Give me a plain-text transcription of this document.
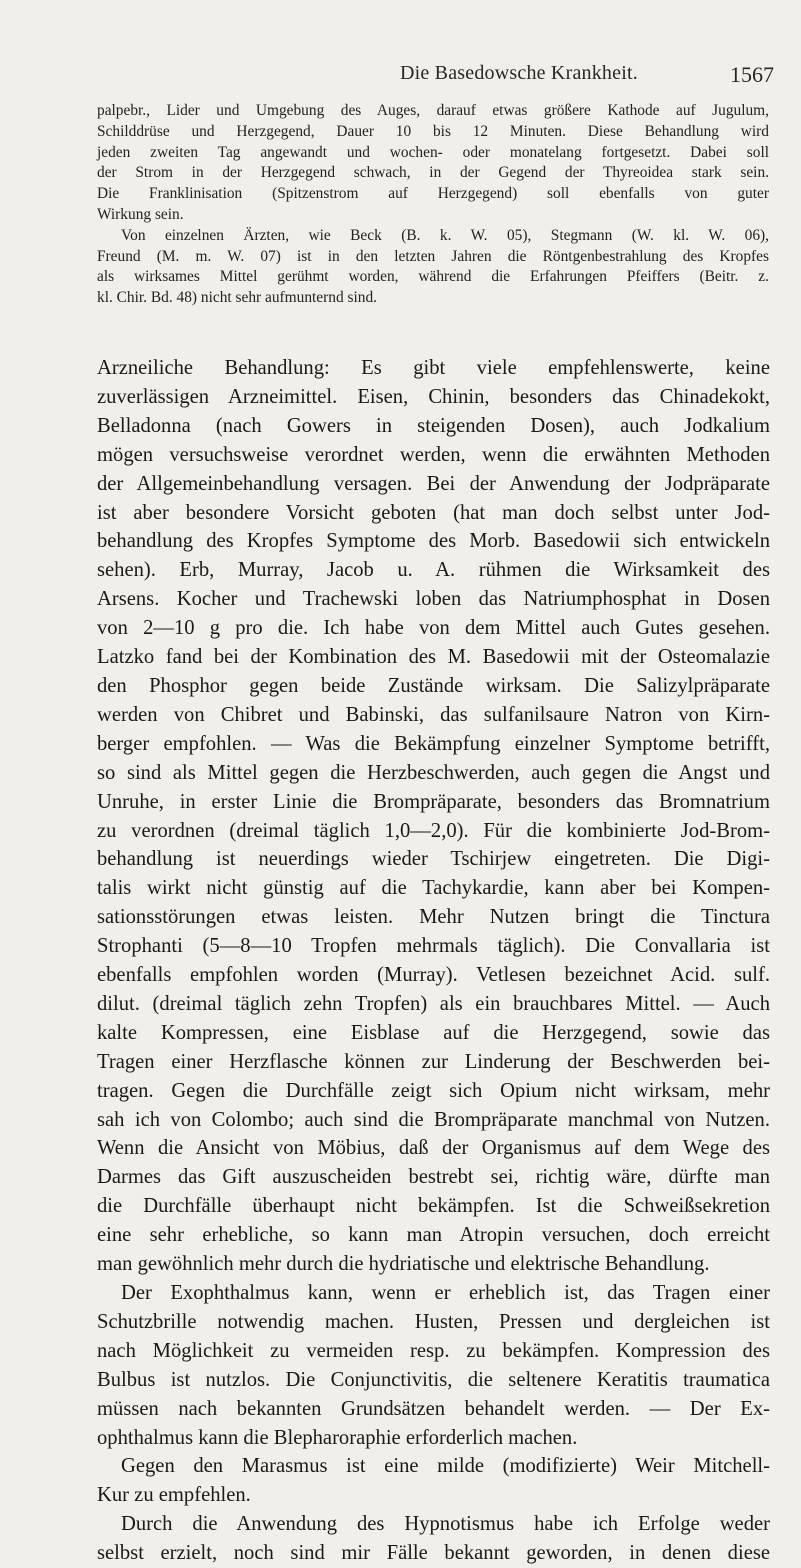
Die Basedowsche Krankheit.	1567
palpebr., Lider und Umgebung des Auges, darauf etwas größere Kathode auf Jugulum,
Schilddrüse und Herzgegend, Dauer 10 bis 12 Minuten. Diese Behandlung wird
jeden zweiten Tag angewandt und wochen- oder monatelang fortgesetzt. Dabei soll
der Strom in der Herzgegend schwach, in der Gegend der Thyreoidea stark sein.
Die Franklinisation (Spitzenstrom auf Herzgegend) soll ebenfalls von guter
Wirkung sein.
Von einzelnen Ärzten, wie Beck (B. k. W. 05), Stegmann (W. kl. W. 06),
Freund (M. m. W. 07) ist in den letzten Jahren die Röntgenbestrahlung des Kropfes
als wirksames Mittel gerühmt worden, während die Erfahrungen Pfeiffers (Beitr. z.
kl. Chir. Bd. 48) nicht sehr aufmunternd sind.
Arzneiliche Behandlung: Es gibt viele empfehlenswerte, keine
zuverlässigen Arzneimittel. Eisen, Chinin, besonders das Chinadekokt,
Belladonna (nach Gowers in steigenden Dosen), auch Jodkalium
mögen versuchsweise verordnet werden, wenn die erwähnten Methoden
der Allgemeinbehandlung versagen. Bei der Anwendung der Jodpräparate
ist aber besondere Vorsicht geboten (hat man doch selbst unter Jod-
behandlung des Kropfes Symptome des Morb. Basedowii sich entwickeln
sehen). Erb, Murray, Jacob u. A. rühmen die Wirksamkeit des
Arsens. Kocher und Trachewski loben das Natriumphosphat in Dosen
von 2—10 g pro die. Ich habe von dem Mittel auch Gutes gesehen.
Latzko fand bei der Kombination des M. Basedowii mit der Osteomalazie
den Phosphor gegen beide Zustände wirksam. Die Salizylpräparate
werden von Chibret und Babinski, das sulfanilsaure Natron von Kirn-
berger empfohlen. — Was die Bekämpfung einzelner Symptome betrifft,
so sind als Mittel gegen die Herzbeschwerden, auch gegen die Angst und
Unruhe, in erster Linie die Brompräparate, besonders das Bromnatrium
zu verordnen (dreimal täglich 1,0—2,0). Für die kombinierte Jod-Brom-
behandlung ist neuerdings wieder Tschirjew eingetreten. Die Digi-
talis wirkt nicht günstig auf die Tachykardie, kann aber bei Kompen-
sationsstörungen etwas leisten. Mehr Nutzen bringt die Tinctura
Strophanti (5—8—10 Tropfen mehrmals täglich). Die Convallaria ist
ebenfalls empfohlen worden (Murray). Vetlesen bezeichnet Acid. sulf.
dilut. (dreimal täglich zehn Tropfen) als ein brauchbares Mittel. — Auch
kalte Kompressen, eine Eisblase auf die Herzgegend, sowie das
Tragen einer Herzflasche können zur Linderung der Beschwerden bei-
tragen. Gegen die Durchfälle zeigt sich Opium nicht wirksam, mehr
sah ich von Colombo; auch sind die Brompräparate manchmal von Nutzen.
Wenn die Ansicht von Möbius, daß der Organismus auf dem Wege des
Darmes das Gift auszuscheiden bestrebt sei, richtig wäre, dürfte man
die Durchfälle überhaupt nicht bekämpfen. Ist die Schweißsekretion
eine sehr erhebliche, so kann man Atropin versuchen, doch erreicht
man gewöhnlich mehr durch die hydriatische und elektrische Behandlung.
Der Exophthalmus kann, wenn er erheblich ist, das Tragen einer
Schutzbrille notwendig machen. Husten, Pressen und dergleichen ist
nach Möglichkeit zu vermeiden resp. zu bekämpfen. Kompression des
Bulbus ist nutzlos. Die Conjunctivitis, die seltenere Keratitis traumatica
müssen nach bekannten Grundsätzen behandelt werden. — Der Ex-
ophthalmus kann die Blepharoraphie erforderlich machen.
Gegen den Marasmus ist eine milde (modifizierte) Weir Mitchell-
Kur zu empfehlen.
Durch die Anwendung des Hypnotismus habe ich Erfolge weder
selbst erzielt, noch sind mir Fälle bekannt geworden, in denen diese
